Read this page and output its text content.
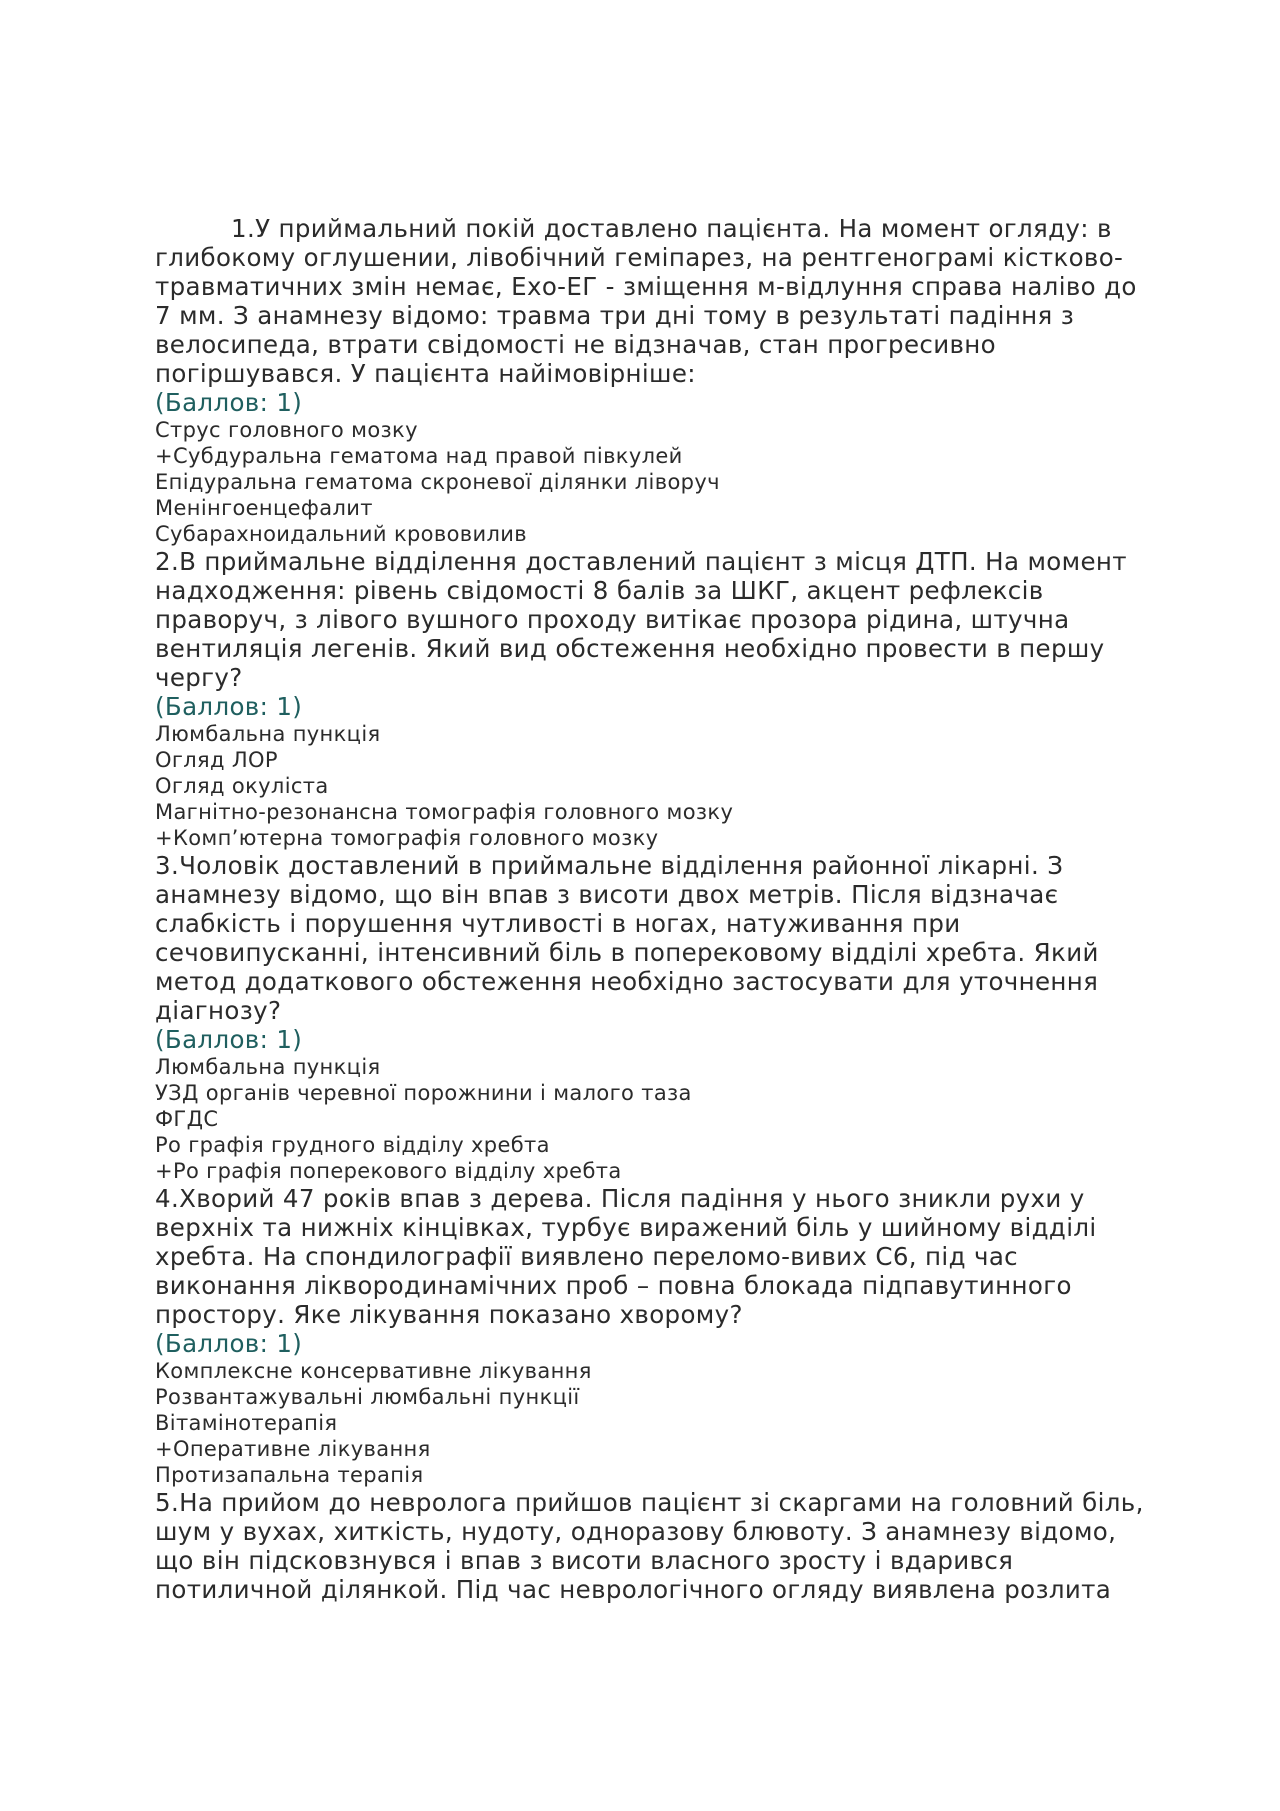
1.У приймальний покій доставлено пацієнта. На момент огляду: в глибокому оглушении, лівобічний геміпарез, на рентгенограмі кістково-травматичних змін немає, Ехо-ЕГ - зміщення м-відлуння справа наліво до 7 мм. З анамнезу відомо: травма три дні тому в результаті падіння з велосипеда, втрати свідомості не відзначав, стан прогресивно погіршувався. У пацієнта найімовірніше:

(Баллов: 1)

Струс головного мозку
+Субдуральна гематома над правой півкулей
Епідуральна гематома скроневої ділянки ліворуч
Менінгоенцефалит
Субарахноидальний крововилив

2.В приймальне відділення доставлений пацієнт з місця ДТП. На момент надходження: рівень свідомості 8 балів за ШКГ, акцент рефлексів праворуч, з лівого вушного проходу витікає прозора рідина, штучна вентиляція легенів. Який вид обстеження необхідно провести в першу чергу?

(Баллов: 1)

Люмбальна пункція
Огляд ЛОР
Огляд окуліста
Магнітно-резонансна томографія головного мозку
+Комп’ютерна томографія головного мозку

3.Чоловік доставлений в приймальне відділення районної лікарні. З анамнезу відомо, що він впав з висоти двох метрів. Після відзначає слабкість і порушення чутливості в ногах, натуживання при сечовипусканні, інтенсивний біль в поперековому відділі хребта. Який метод додаткового обстеження необхідно застосувати для уточнення діагнозу?

(Баллов: 1)

Люмбальна пункція
УЗД органів черевної порожнини і малого таза
ФГДС
Ро графія грудного відділу хребта
+Ро графія поперекового відділу хребта

4.Хворий 47 років впав з дерева. Після падіння у нього зникли рухи у верхніх та нижніх кінцівках, турбує виражений біль у шийному відділі хребта. На спондилографії виявлено переломо-вивих С6, під час виконання ліквородинамічних проб – повна блокада підпавутинного простору. Яке лікування показано хворому?

(Баллов: 1)

Комплексне консервативне лікування
Розвантажувальні люмбальні пункції
Вітамінотерапія
+Оперативне лікування
Протизапальна терапія

5.На прийом до невролога прийшов пацієнт зі скаргами на головний біль, шум у вухах, хиткість, нудоту, одноразову блювоту. З анамнезу відомо, що він підсковзнувся і впав з висоти власного зросту і вдарився потиличной ділянкой. Під час неврологічного огляду виявлена розлита
